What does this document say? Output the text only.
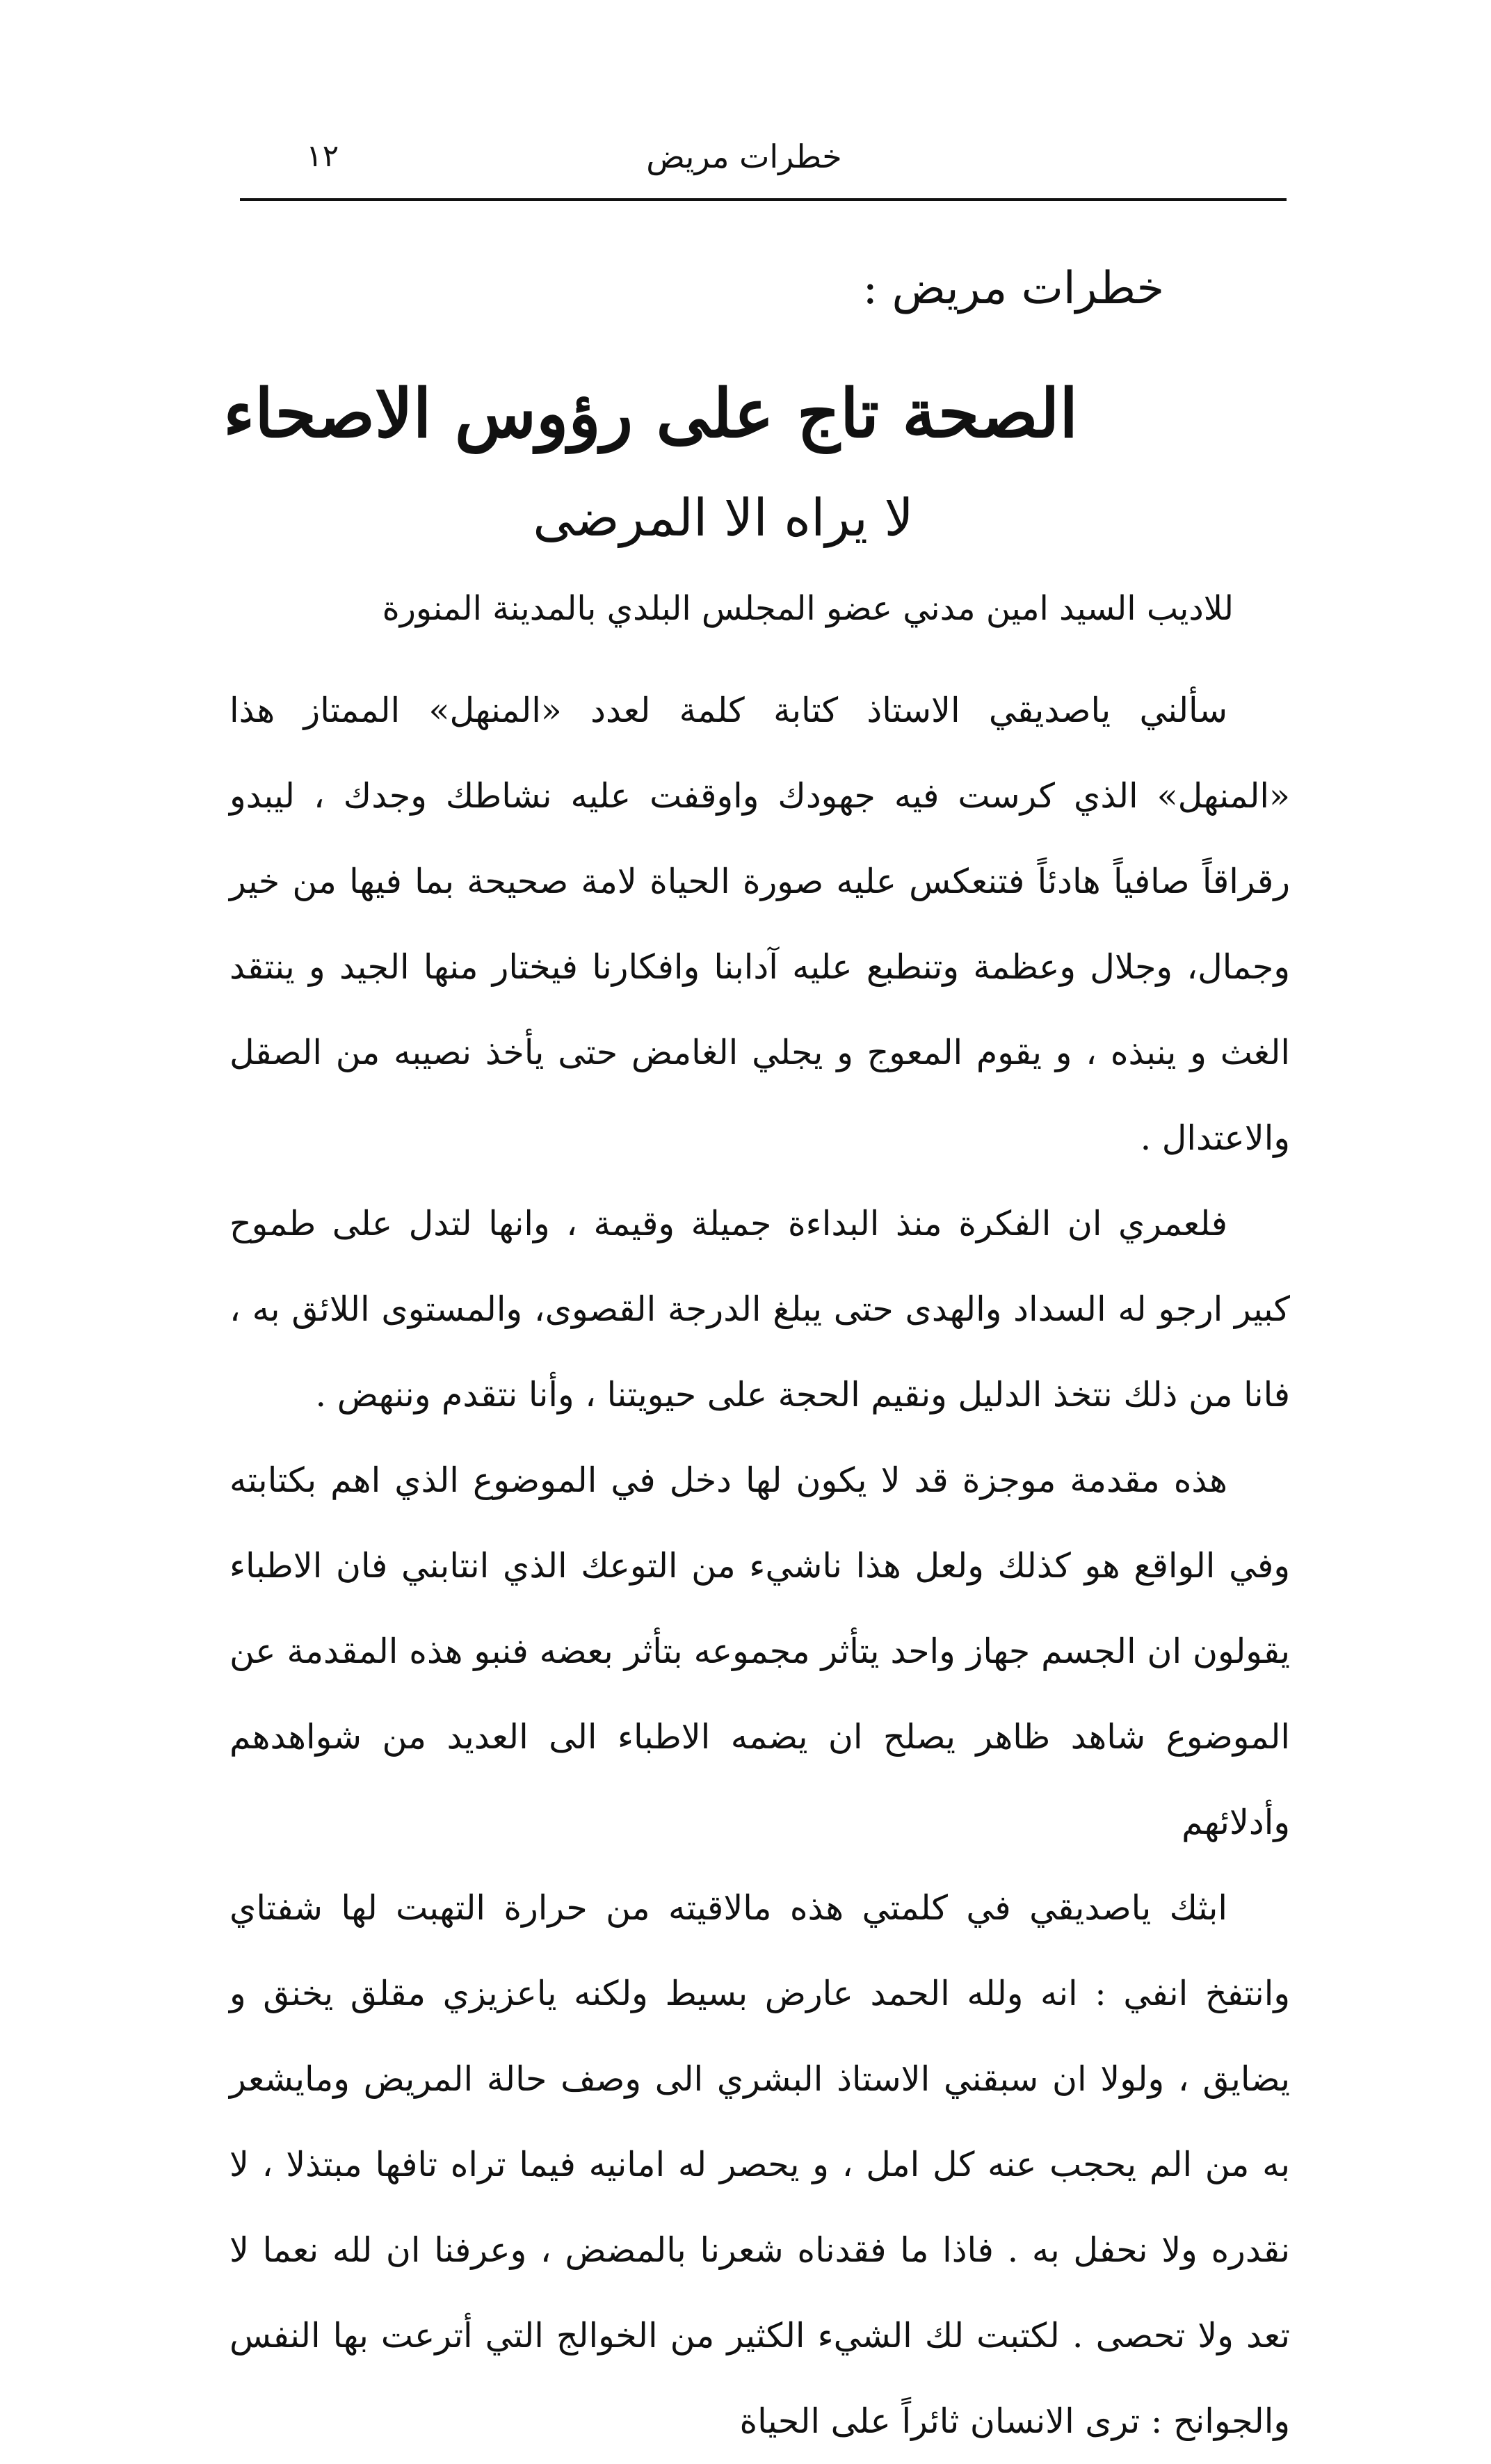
١٢	خطرات مريض
خطرات مريض :
الصحة تاج على رؤوس الاصحاء
لا يراه الا المرضى
للاديب السيد امين مدني عضو المجلس البلدي بالمدينة المنورة

سألني ياصديقي الاستاذ كتابة كلمة لعدد «المنهل» الممتاز هذا «المنهل» الذي كرست فيه جهودك واوقفت عليه نشاطك وجدك ، ليبدو رقراقاً صافياً هادئاً فتنعكس عليه صورة الحياة لامة صحيحة بما فيها من خير وجمال، وجلال وعظمة وتنطبع عليه آدابنا وافكارنا فيختار منها الجيد و ينتقد الغث و ينبذه ، و يقوم المعوج و يجلي الغامض حتى يأخذ نصيبه من الصقل والاعتدال .

فلعمري ان الفكرة منذ البداءة جميلة وقيمة ، وانها لتدل على طموح كبير ارجو له السداد والهدى حتى يبلغ الدرجة القصوى، والمستوى اللائق به ، فانا من ذلك نتخذ الدليل ونقيم الحجة على حيويتنا ، وأنا نتقدم وننهض .

هذه مقدمة موجزة قد لا يكون لها دخل في الموضوع الذي اهم بكتابته وفي الواقع هو كذلك ولعل هذا ناشيء من التوعك الذي انتابني فان الاطباء يقولون ان الجسم جهاز واحد يتأثر مجموعه بتأثر بعضه فنبو هذه المقدمة عن الموضوع شاهد ظاهر يصلح ان يضمه الاطباء الى العديد من شواهدهم وأدلائهم

ابثك ياصديقي في كلمتي هذه مالاقيته من حرارة التهبت لها شفتاي وانتفخ انفي : انه ولله الحمد عارض بسيط ولكنه ياعزيزي مقلق يخنق و يضايق ، ولولا ان سبقني الاستاذ البشري الى وصف حالة المريض ومايشعر به من الم يحجب عنه كل امل ، و يحصر له امانيه فيما تراه تافها مبتذلا ، لا نقدره ولا نحفل به . فاذا ما فقدناه شعرنا بالمضض ، وعرفنا ان لله نعما لا تعد ولا تحصى . لكتبت لك الشيء الكثير من الخوالج التي أترعت بها النفس والجوانح : ترى الانسان ثائراً على الحياة
